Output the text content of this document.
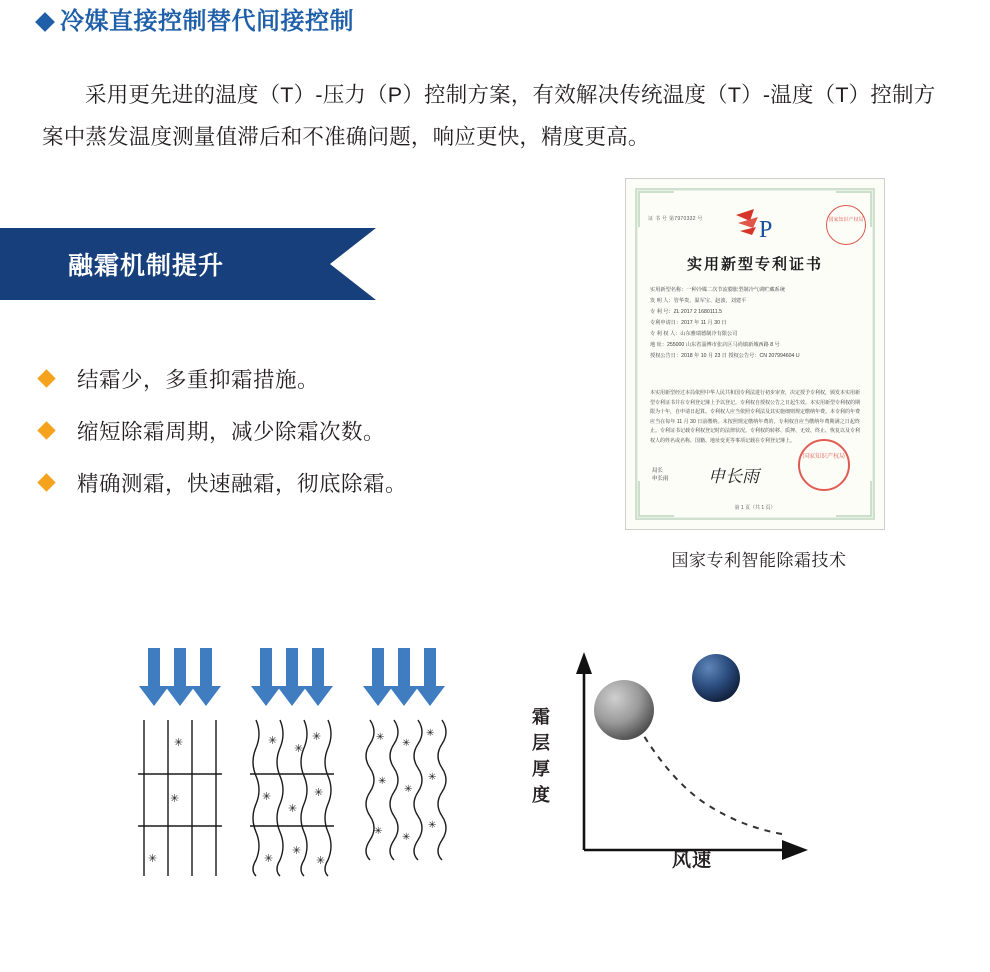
冷媒直接控制替代间接控制

采用更先进的温度（T）-压力（P）控制方案，有效解决传统温度（T）-温度（T）控制方案中蒸发温度测量值滞后和不准确问题，响应更快，精度更高。

融霜机制提升
结霜少，多重抑霜措施。
缩短除霜周期，减少除霜次数。
精确测霜，快速融霜，彻底除霜。
证 书 号 第7970332 号 P	国家知识产权局
实用新型专利证书
实用新型名称：一种冷媒二次节流膨胀型制冷气调贮藏系统
发 明 人：管华贵、温军宝、赵波、刘建平
专 利 号：ZL 2017 2 1680111.5
专利申请日：2017 年 11 月 30 日
专 利 权 人：山东雅瑞德制冷有限公司
地 址：255000 山东省淄博市张店区马尚镇新城西路 8 号
授权公告日：2018 年 10 月 23 日 授权公告号：CN 207994604 U
本实用新型经过本局依照中华人民共和国专利法进行初步审查，决定授予专利权，颁发本实用新型专利证书并在专利登记簿上予以登记。专利权自授权公告之日起生效。本实用新型专利权的期限为十年，自申请日起算。专利权人应当依照专利法及其实施细则规定缴纳年费。本专利的年费应当在每年 11 月 30 日前缴纳。未按照规定缴纳年费的，专利权自应当缴纳年费期满之日起终止。专利证书记载专利权登记时的法律状况。专利权的转移、质押、无效、终止、恢复以及专利权人的姓名或名称、国籍、地址变更等事项记载在专利登记簿上。
局长
申长雨 申长雨
国家知识产权局
第 1 页（共 1 页）
国家专利智能除霜技术
✳
✳
✳
✳
✳
✳
✳
✳
✳
✳
✳
✳
✳
✳
✳
✳
✳
✳
✳
✳
✳
霜层厚度
风速
